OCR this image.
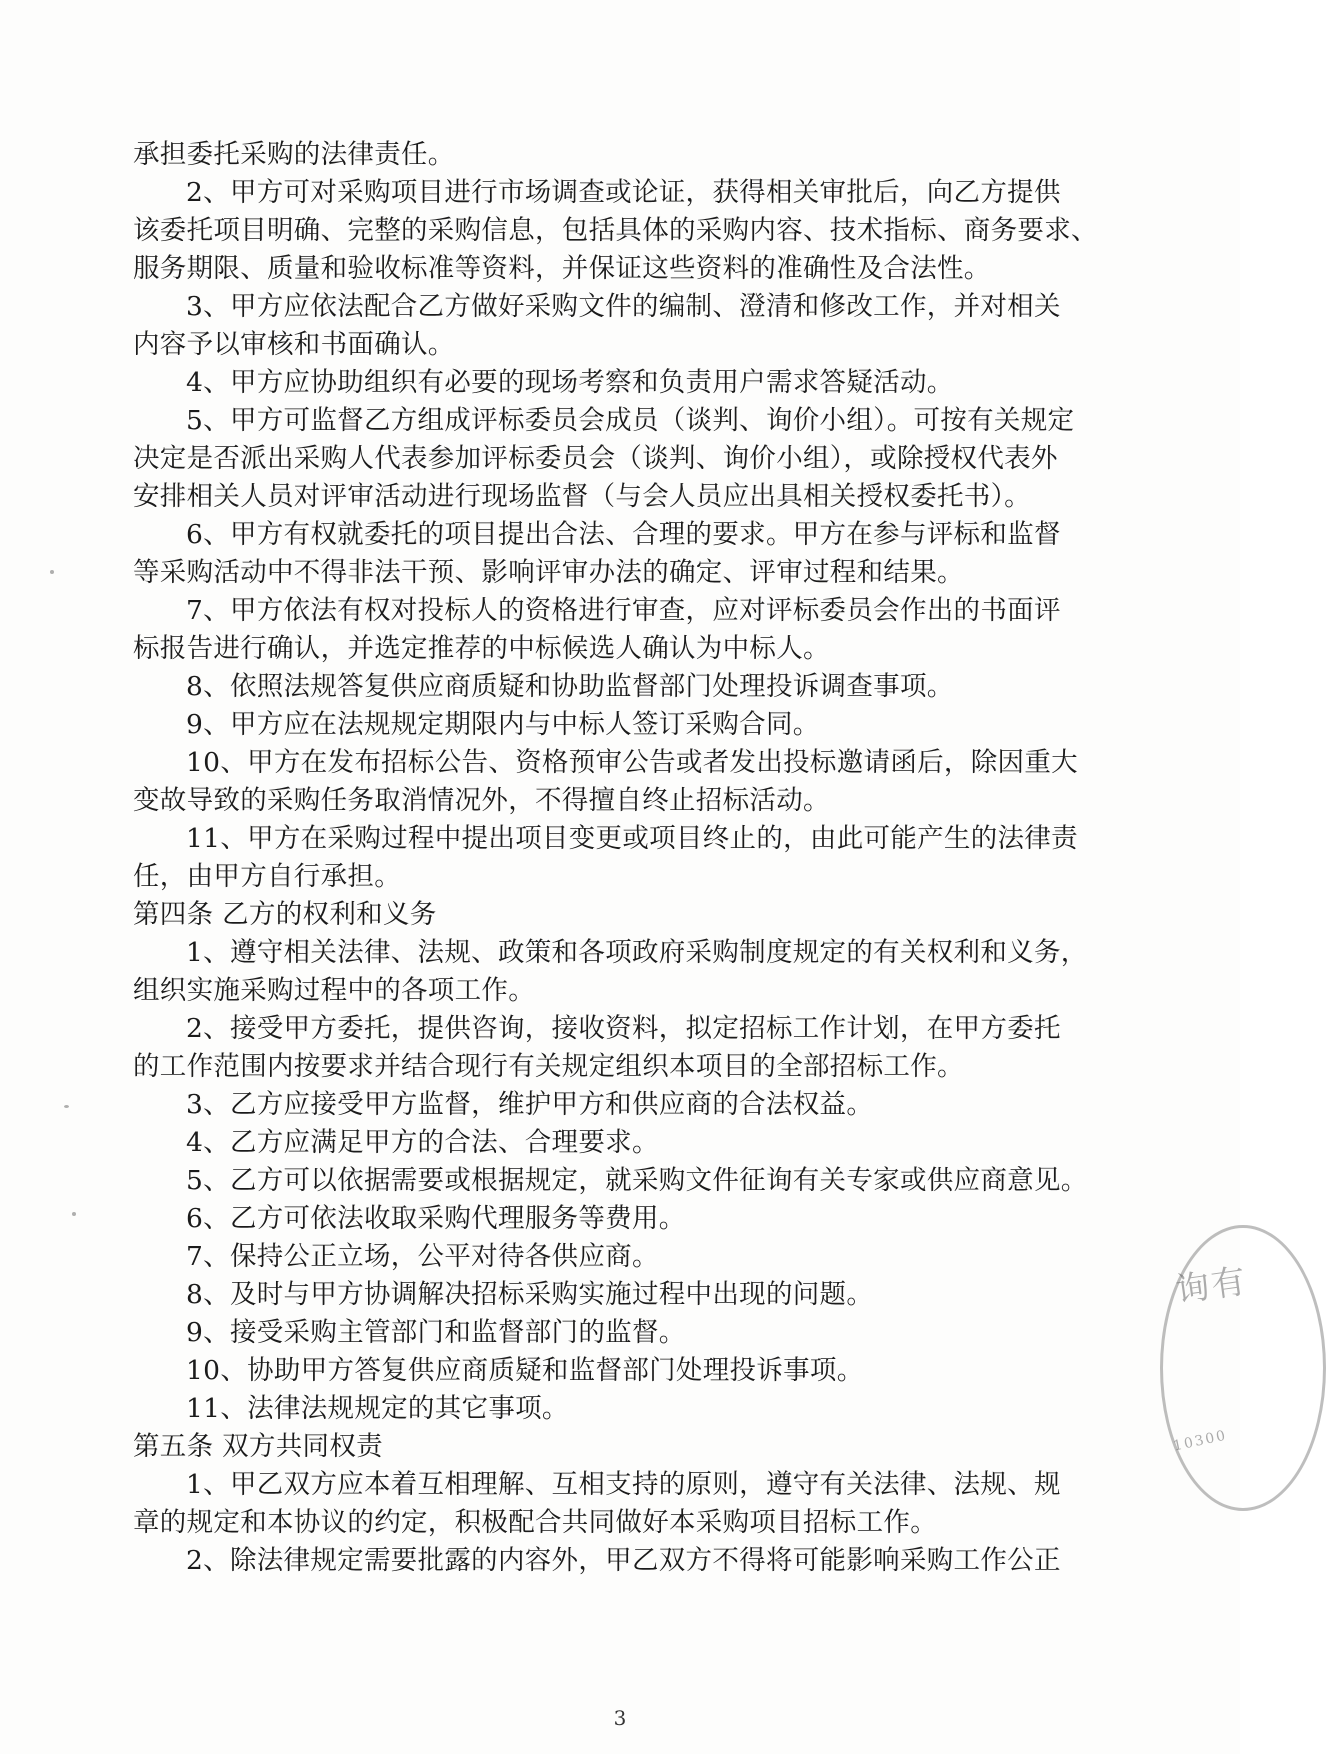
承担委托采购的法律责任。
2、甲方可对采购项目进行市场调查或论证，获得相关审批后，向乙方提供
该委托项目明确、完整的采购信息，包括具体的采购内容、技术指标、商务要求、
服务期限、质量和验收标准等资料，并保证这些资料的准确性及合法性。
3、甲方应依法配合乙方做好采购文件的编制、澄清和修改工作，并对相关
内容予以审核和书面确认。
4、甲方应协助组织有必要的现场考察和负责用户需求答疑活动。
5、甲方可监督乙方组成评标委员会成员（谈判、询价小组）。可按有关规定
决定是否派出采购人代表参加评标委员会（谈判、询价小组），或除授权代表外
安排相关人员对评审活动进行现场监督（与会人员应出具相关授权委托书）。
6、甲方有权就委托的项目提出合法、合理的要求。甲方在参与评标和监督
等采购活动中不得非法干预、影响评审办法的确定、评审过程和结果。
7、甲方依法有权对投标人的资格进行审查，应对评标委员会作出的书面评
标报告进行确认，并选定推荐的中标候选人确认为中标人。
8、依照法规答复供应商质疑和协助监督部门处理投诉调查事项。
9、甲方应在法规规定期限内与中标人签订采购合同。
10、甲方在发布招标公告、资格预审公告或者发出投标邀请函后，除因重大
变故导致的采购任务取消情况外，不得擅自终止招标活动。
11、甲方在采购过程中提出项目变更或项目终止的，由此可能产生的法律责
任，由甲方自行承担。
第四条 乙方的权利和义务
1、遵守相关法律、法规、政策和各项政府采购制度规定的有关权利和义务，
组织实施采购过程中的各项工作。
2、接受甲方委托，提供咨询，接收资料，拟定招标工作计划，在甲方委托
的工作范围内按要求并结合现行有关规定组织本项目的全部招标工作。
3、乙方应接受甲方监督，维护甲方和供应商的合法权益。
4、乙方应满足甲方的合法、合理要求。
5、乙方可以依据需要或根据规定，就采购文件征询有关专家或供应商意见。
6、乙方可依法收取采购代理服务等费用。
7、保持公正立场，公平对待各供应商。
8、及时与甲方协调解决招标采购实施过程中出现的问题。
9、接受采购主管部门和监督部门的监督。
10、协助甲方答复供应商质疑和监督部门处理投诉事项。
11、法律法规规定的其它事项。
第五条 双方共同权责
1、甲乙双方应本着互相理解、互相支持的原则，遵守有关法律、法规、规
章的规定和本协议的约定，积极配合共同做好本采购项目招标工作。
2、除法律规定需要批露的内容外，甲乙双方不得将可能影响采购工作公正
3
询有
10300
